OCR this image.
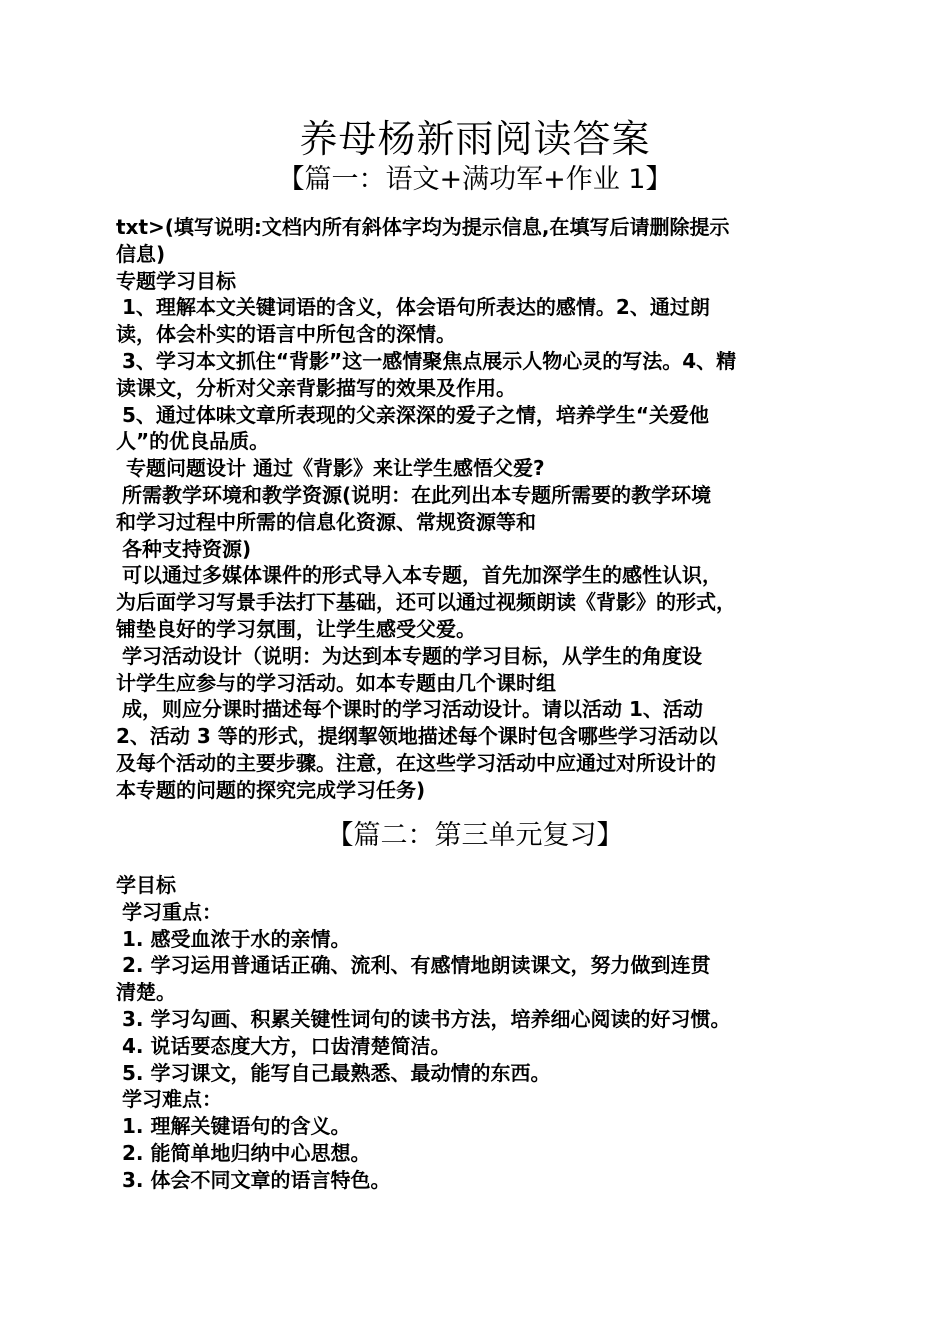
养母杨新雨阅读答案
【篇一：语文+满功军+作业 1】
txt>(填写说明:文档内所有斜体字均为提示信息,在填写后请删除提示
信息)
专题学习目标
1、理解本文关键词语的含义，体会语句所表达的感情。2、通过朗
读，体会朴实的语言中所包含的深情。
3、学习本文抓住“背影”这一感情聚焦点展示人物心灵的写法。4、精
读课文，分析对父亲背影描写的效果及作用。
5、通过体味文章所表现的父亲深深的爱子之情，培养学生“关爱他
人”的优良品质。
专题问题设计 通过《背影》来让学生感悟父爱?
所需教学环境和教学资源(说明：在此列出本专题所需要的教学环境
和学习过程中所需的信息化资源、常规资源等和
各种支持资源)
可以通过多媒体课件的形式导入本专题，首先加深学生的感性认识，
为后面学习写景手法打下基础，还可以通过视频朗读《背影》的形式，
铺垫良好的学习氛围，让学生感受父爱。
学习活动设计（说明：为达到本专题的学习目标，从学生的角度设
计学生应参与的学习活动。如本专题由几个课时组
成，则应分课时描述每个课时的学习活动设计。请以活动 1、活动
2、活动 3 等的形式，提纲挈领地描述每个课时包含哪些学习活动以
及每个活动的主要步骤。注意，在这些学习活动中应通过对所设计的
本专题的问题的探究完成学习任务)
【篇二：第三单元复习】
学目标
学习重点：
1. 感受血浓于水的亲情。
2. 学习运用普通话正确、流利、有感情地朗读课文，努力做到连贯
清楚。
3. 学习勾画、积累关键性词句的读书方法，培养细心阅读的好习惯。
4. 说话要态度大方，口齿清楚简洁。
5. 学习课文，能写自己最熟悉、最动情的东西。
学习难点：
1. 理解关键语句的含义。
2. 能简单地归纳中心思想。
3. 体会不同文章的语言特色。
